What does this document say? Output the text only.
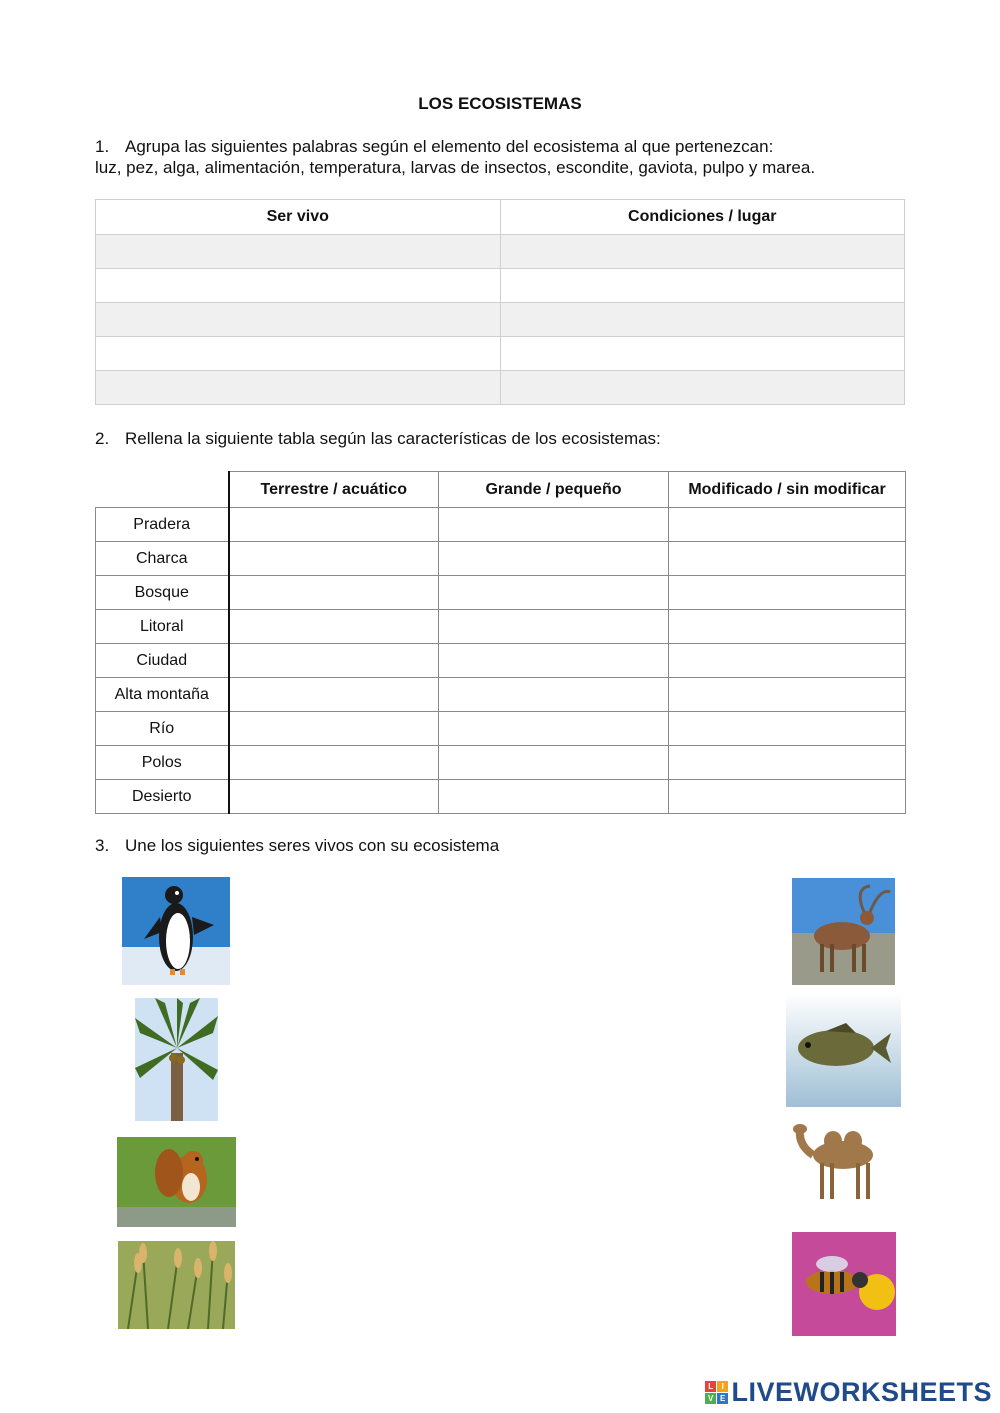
LOS ECOSISTEMAS
1. Agrupa las siguientes palabras según el elemento del ecosistema al que pertenezcan:
luz, pez, alga, alimentación, temperatura, larvas de insectos, escondite, gaviota, pulpo y marea.
Ser vivo	Condiciones / lugar

2. Rellena la siguiente tabla según las características de los ecosistemas:
	Terrestre / acuático	Grande / pequeño	Modificado / sin modificar
Pradera			
Charca			
Bosque			
Litoral			
Ciudad			
Alta montaña			
Río			
Polos			
Desierto			
3. Une los siguientes seres vivos con su ecosistema
L I
V E LIVEWORKSHEETS
